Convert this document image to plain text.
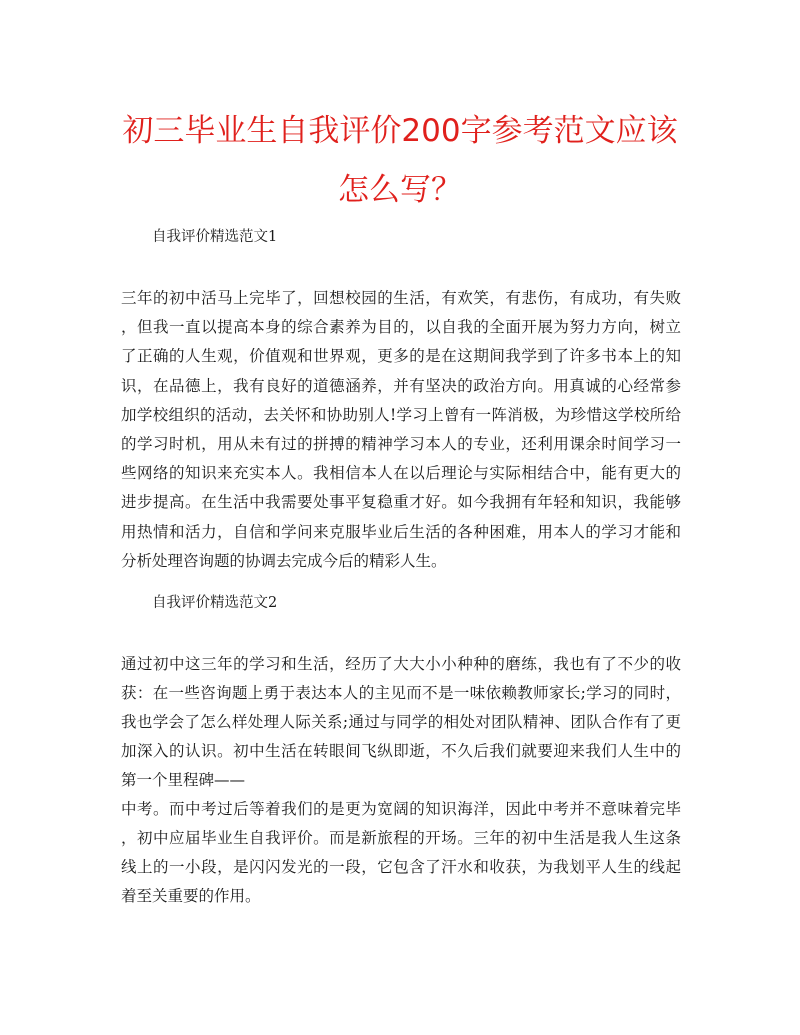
初三毕业生自我评价200字参考范文应该
怎么写？

自我评价精选范文1

三年的初中活马上完毕了，回想校园的生活，有欢笑，有悲伤，有成功，有失败

，但我一直以提高本身的综合素养为目的，以自我的全面开展为努力方向，树立

了正确的人生观，价值观和世界观，更多的是在这期间我学到了许多书本上的知

识，在品德上，我有良好的道德涵养，并有坚决的政治方向。用真诚的心经常参

加学校组织的活动，去关怀和协助别人!学习上曾有一阵消极，为珍惜这学校所给

的学习时机，用从未有过的拼搏的精神学习本人的专业，还利用课余时间学习一

些网络的知识来充实本人。我相信本人在以后理论与实际相结合中，能有更大的

进步提高。在生活中我需要处事平复稳重才好。如今我拥有年轻和知识，我能够

用热情和活力，自信和学问来克服毕业后生活的各种困难，用本人的学习才能和

分析处理咨询题的协调去完成今后的精彩人生。

自我评价精选范文2

通过初中这三年的学习和生活，经历了大大小小种种的磨练，我也有了不少的收

获：在一些咨询题上勇于表达本人的主见而不是一味依赖教师家长;学习的同时，

我也学会了怎么样处理人际关系;通过与同学的相处对团队精神、团队合作有了更

加深入的认识。初中生活在转眼间飞纵即逝，不久后我们就要迎来我们人生中的

第一个里程碑——

中考。而中考过后等着我们的是更为宽阔的知识海洋，因此中考并不意味着完毕

，初中应届毕业生自我评价。而是新旅程的开场。三年的初中生活是我人生这条

线上的一小段，是闪闪发光的一段，它包含了汗水和收获，为我划平人生的线起

着至关重要的作用。
